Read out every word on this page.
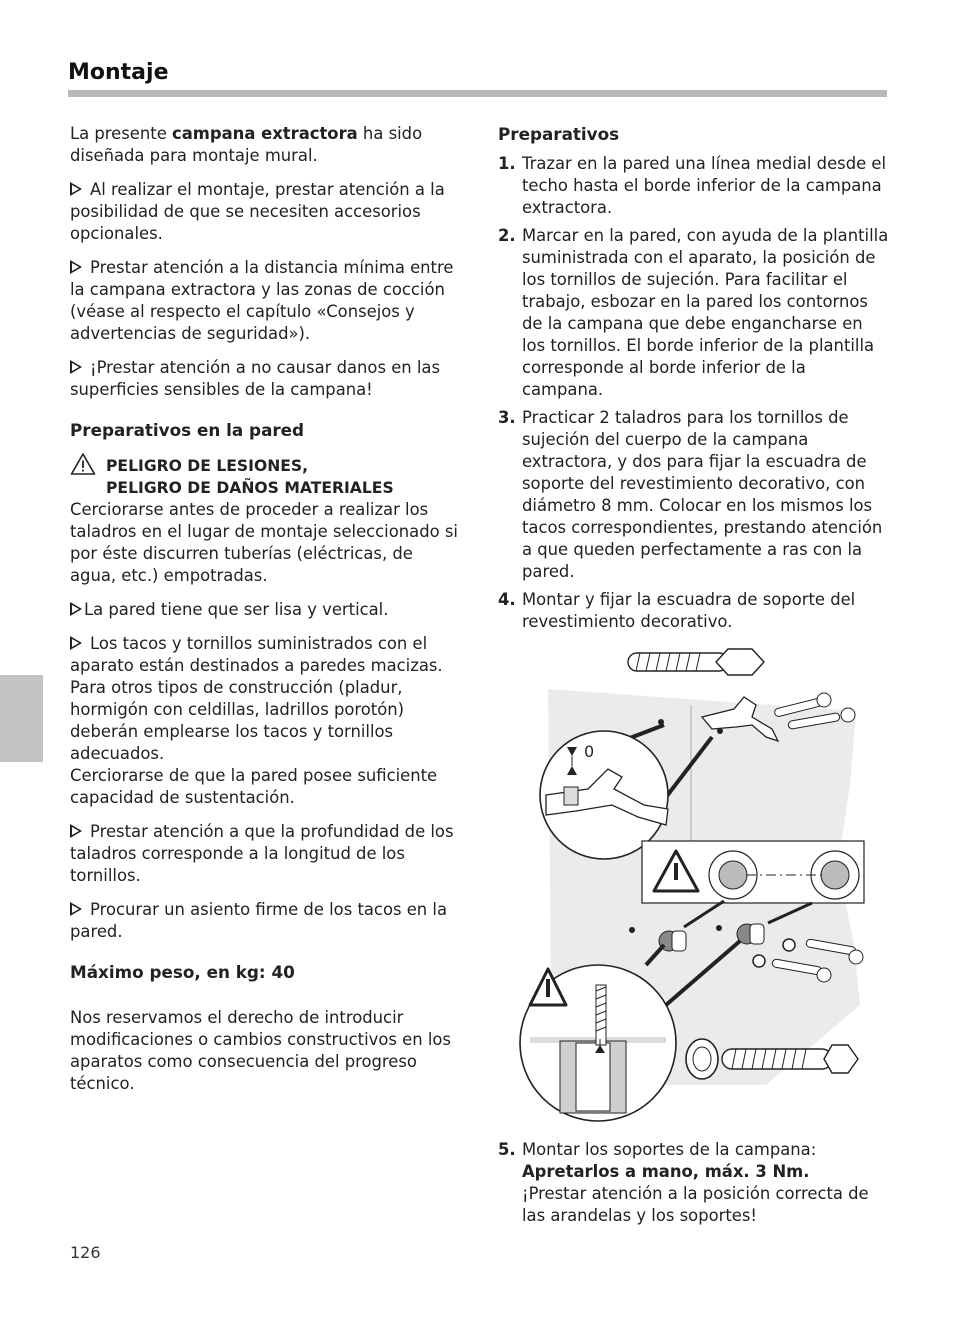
Montaje

La presente campana extractora ha sido diseñada para montaje mural.

Al realizar el montaje, prestar atención a la posibilidad de que se necesiten accesorios opcionales.

Prestar atención a la distancia mínima entre la campana extractora y las zonas de cocción (véase al respecto el capítulo «Consejos y advertencias de seguridad»).

¡Prestar atención a no causar danos en las superficies sensibles de la campana!

Preparativos en la pared
PELIGRO DE LESIONES,
PELIGRO DE DAÑOS MATERIALES

Cerciorarse antes de proceder a realizar los taladros en el lugar de montaje seleccionado si por éste discurren tuberías (eléctricas, de agua, etc.) empotradas.

La pared tiene que ser lisa y vertical.

Los tacos y tornillos suministrados con el aparato están destinados a paredes macizas. Para otros tipos de construcción (pladur, hormigón con celdillas, ladrillos porotón) deberán emplearse los tacos y tornillos adecuados.

Cerciorarse de que la pared posee suficiente capacidad de sustentación.

Prestar atención a que la profundidad de los taladros corresponde a la longitud de los tornillos.

Procurar un asiento firme de los tacos en la pared.

Máximo peso, en kg: 40

Nos reservamos el derecho de introducir modificaciones o cambios constructivos en los aparatos como consecuencia del progreso técnico.

Preparativos
1. Trazar en la pared una línea medial desde el techo hasta el borde inferior de la campana extractora.
2. Marcar en la pared, con ayuda de la plantilla suministrada con el aparato, la posición de los tornillos de sujeción. Para facilitar el trabajo, esbozar en la pared los contornos de la campana que debe engancharse en los tornillos. El borde inferior de la plantilla corresponde al borde inferior de la campana.
3. Practicar 2 taladros para los tornillos de sujeción del cuerpo de la campana extractora, y dos para fijar la escuadra de soporte del revestimiento decorativo, con diámetro 8 mm. Colocar en los mismos los tacos correspondientes, prestando atención a que queden perfectamente a ras con la pared.
4. Montar y fijar la escuadra de soporte del revestimiento decorativo.
0
5. Montar los soportes de la campana:
Apretarlos a mano, máx. 3 Nm.
¡Prestar atención a la posición correcta de las arandelas y los soportes!
126
